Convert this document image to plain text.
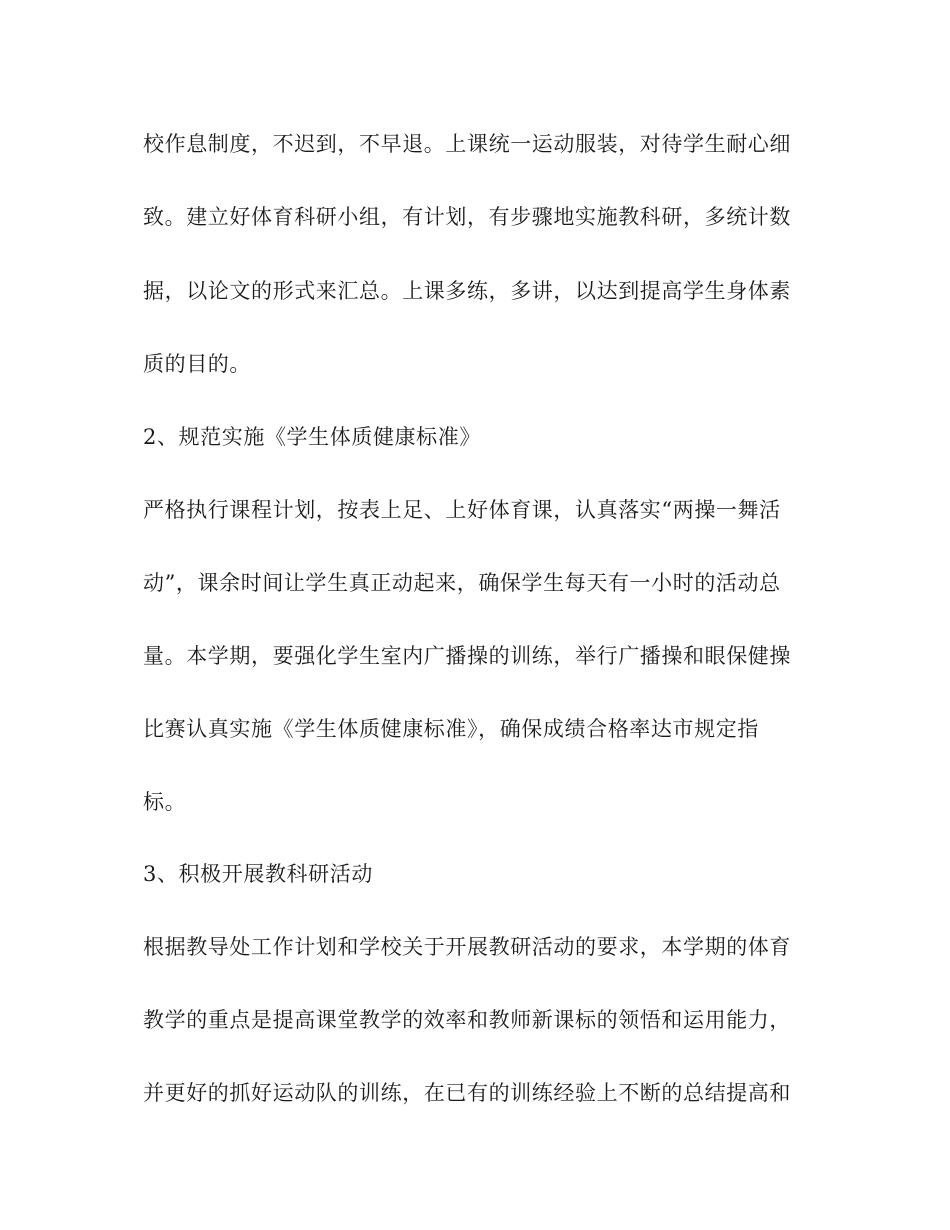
校作息制度，不迟到，不早退。上课统一运动服装，对待学生耐心细
致。建立好体育科研小组，有计划，有步骤地实施教科研，多统计数
据，以论文的形式来汇总。上课多练，多讲，以达到提高学生身体素
质的目的。
2、规范实施《学生体质健康标准》
严格执行课程计划，按表上足、上好体育课，认真落实“两操一舞活
动”，课余时间让学生真正动起来，确保学生每天有一小时的活动总
量。本学期，要强化学生室内广播操的训练，举行广播操和眼保健操
比赛认真实施《学生体质健康标准》，确保成绩合格率达市规定指
标。
3、积极开展教科研活动
根据教导处工作计划和学校关于开展教研活动的要求，本学期的体育
教学的重点是提高课堂教学的效率和教师新课标的领悟和运用能力，
并更好的抓好运动队的训练，在已有的训练经验上不断的总结提高和
